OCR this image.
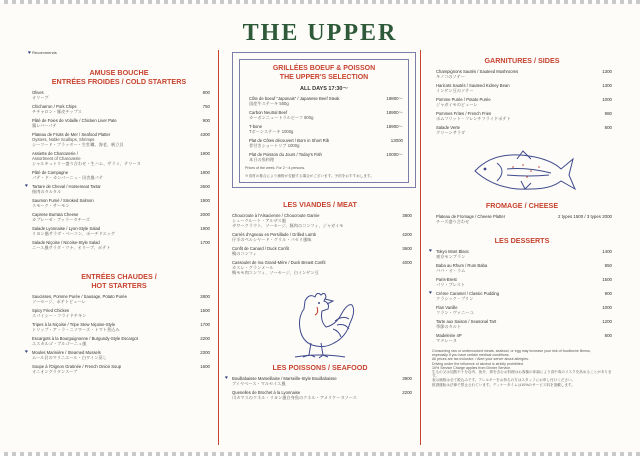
THE UPPER
♥ Recommends
AMUSE BOUCHE
ENTRÉES FROIDES / COLD STARTERS
Olives
オリーブ
800
Chicharron / Pork Chips
チチャロン・豚皮チップス
750
Pâté de Foies de Volaille / Chicken Liver Pate
鶏レバーパテ
900
Plateau de Fruits de Mer / Seafood Platter
Oysters, Noble Scallops, Shrimps
シーフード・プラッター・生牡蠣、海老、帆立貝
4300
Assiette de Charcuterie /
Assortment of Charcuterie
シャルキュトリー盛り合わせ・生ハム、サラミ、テリーヌ
1900
Pâté de Campagne
パテ・ド・カンパーニュ・田舎風パテ
1800
♥ Tartare de Cheval / Horsemeat Tartar
桜肉のタルタル
2600
Saumon Fumé / Smoked Salmon
スモーク・サーモン
1900
Caprese Burrata Cheese
カプレーゼ・ブッラータチーズ
2000
Salade Lyonnaise / Lyon-Style Salad
リヨン風サラダ・ベーコン、ポーチドエッグ
1900
Salade Niçoise / Nicoise-Style Salad
ニース風サラダ・ツナ、オリーブ、ポテト
1700
ENTRÉES CHAUDES /
HOT STARTERS
Saucisses, Pomme Purée / Sausage, Potato Purée
ソーセージ、ポテトピューレ
2800
Spicy Fried Chicken
スパイシー・フライドチキン
1500
Tripes à la Niçoise / Tripe Stew Niçoise-Style
トリップ・ア・ラ・ニソワーズ・トマト煮込み
1700
Escargots à la Bourguignonne / Burgundy-Style Escargot
エスカルゴ・ブルゴーニュ風
2200
♥ Moules Marinière / Steamed Mussels
ムール貝のマリニエール・白ワイン蒸し
2300
Soupe à l'Oignon Gratinée / French Onion Soup
オニオングラタンスープ
1600
GRILLÉES BOEUF & POISSON
THE UPPER'S SELECTION
ALL DAYS 17:30〜
Côte de boeuf "Japonais" / Japanese Beef Steak
国産牛ステーキ 500g
19800〜
Carbon Neutral Beef
カーボンニュートラルビーフ 800g
18900〜
T-bone
Tボーンステーキ 1000g
18900〜
Plat de Côtes découvert / Born in Short Rib
骨付きショートリブ 1000g
13000
Plat de Poisson du Jours / Today's Fish
本日の魚料理
10000〜
Prices of the week. For 2〜4 persons.
※食材の都合により価格が変動する場合がございます。予約をおすすめします。
LES VIANDES / MEAT
Choucroute à l'Alsacienne / Choucroute Garnie
シュークルート・アルザス風
ザワークラウト、ソーセージ、豚肉のコンフィ、ジャガイモ
3800
Carrés d'Agneau en Persillade / Grilled Lamb
仔羊のペルシヤード・グリル・パセリ風味
4200
Confit de Canard / Duck Confit
鴨のコンフィ
3600
Cassoulet de ma Grand-Mère / Duck Breast Confit
カスレ・グランメール
鴨モモ肉コンフィ、ソーセージ、白インゲン豆
4000
LES POISSONS / SEAFOOD
♥ Bouillabaisse Marseillaise / Marseille-Style Bouillabaisse
ブイヤベース・マルセイユ風
3900
Quenelles de Brochet à la Lyonnaise
川カマスのクネル・リヨン風白身魚のクネル・アメリケーヌソース
2200
GARNITURES / SIDES
Champignons Sautés / Sauteed Mushrooms
キノコのソテー
1300
Haricots Sautés / Sauteed Kidney Bean
インゲン豆のソテー
1300
Pomme Purée / Potato Purée
ジャガイモのピューレ
1000
Pommes Frites / French Fries
ポムフリット・フレンチフライドポテト
980
Salade Verte
グリーンサラダ
800
FROMAGE / CHEESE
Plateau de Fromage / Cheese Platter
チーズ盛り合わせ
2 types 1500 / 3 types 2000
LES DESSERTS
♥ Tokyo Mont Blanc
東京モンブラン
1400
Baba au Rhum / Rum Baba
ババ・オ・ラム
950
Paris-Brest
パリ・ブレスト
1500
♥ Crème Caramel / Classic Pudding
クラシック・プリン
900
Flan Vanille
フラン・ヴァニーユ
1000
Tarte aux Saison / Seasonal Tart
季節のタルト
1200
Madeleine 4P
マドレーヌ
800
Consuming raw or undercooked meats, seafood, or egg may increase your risk of foodborne illness,
especially if you have certain medical conditions.
All prices are tax inclusive. / Alert your server about allergies.
Driving under the influence of alcohol is strictly prohibited.
10% Service Charge applies from Dinner Service.
生もの又は加熱不十分な肉、魚介、卵を含むお料理はお客様の体調により食中毒のリスクを高めることがあります。
表示価格は全て税込みです。アレルギーをお持ちの方はスタッフにお申し付けください。
飲酒運転は法律で禁止されています。ディナータイムは10%のサービス料を頂戴します。
